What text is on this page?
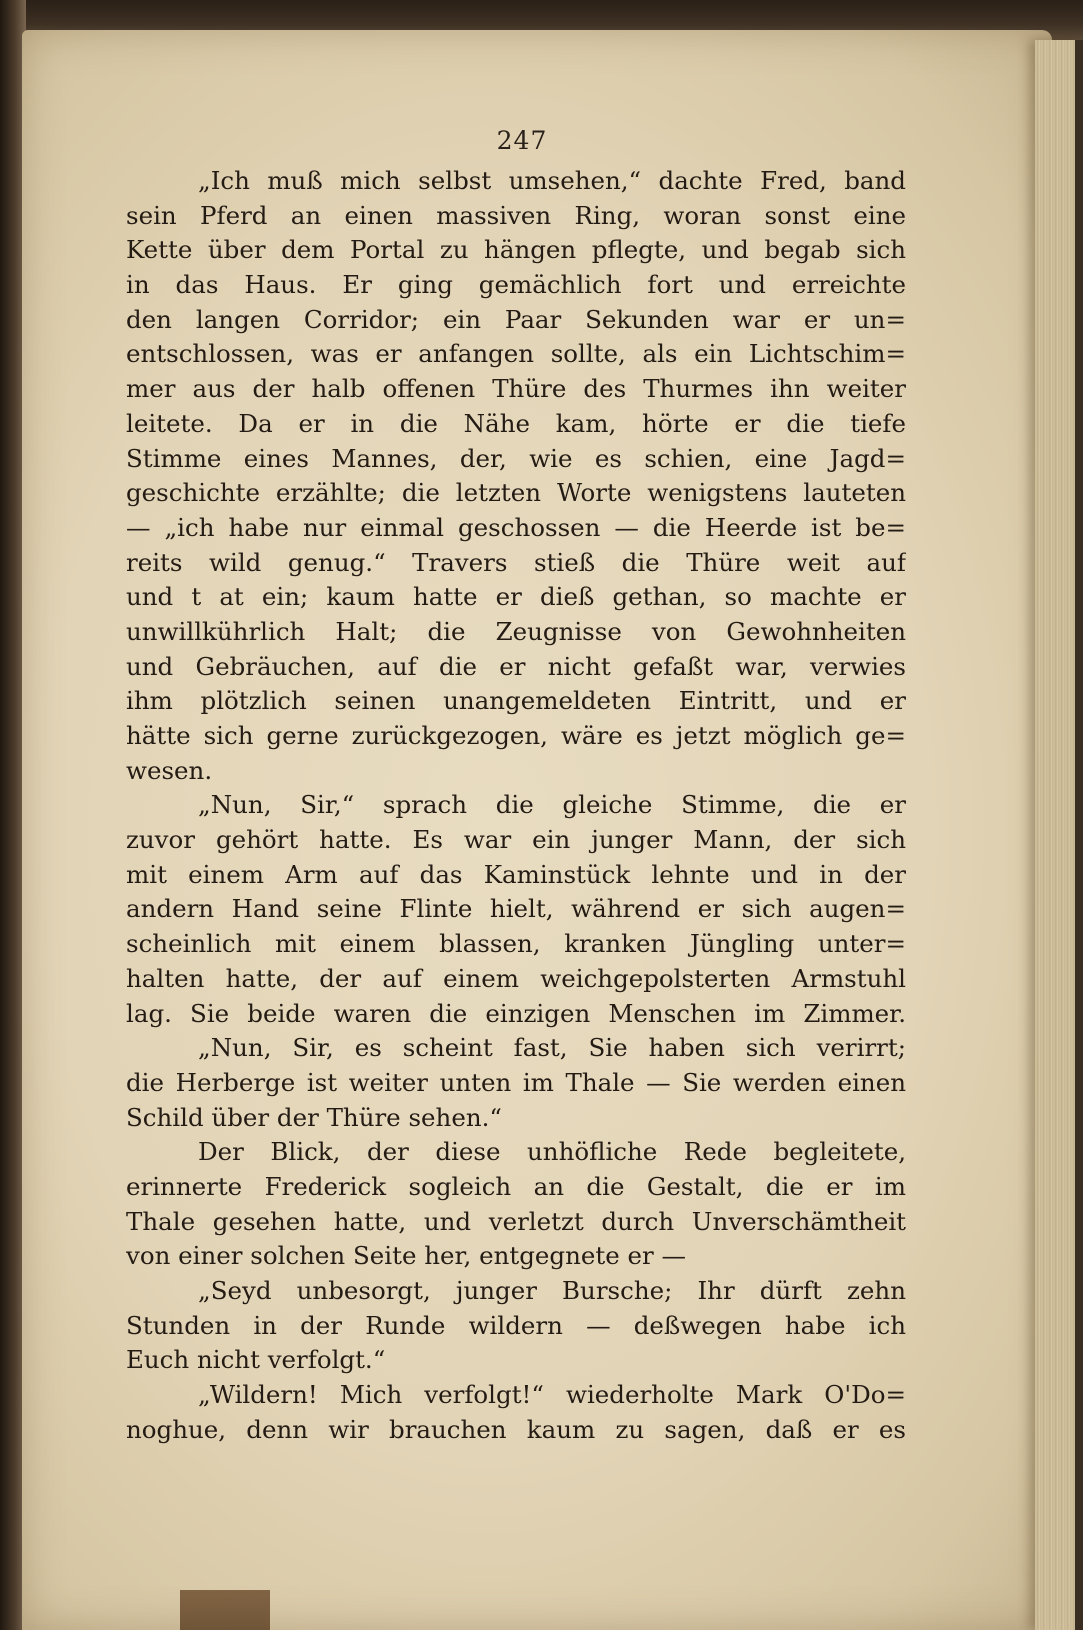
247
„Ich muß mich selbst umsehen,“ dachte Fred, band
sein Pferd an einen massiven Ring, woran sonst eine
Kette über dem Portal zu hängen pflegte, und begab sich
in das Haus. Er ging gemächlich fort und erreichte
den langen Corridor; ein Paar Sekunden war er un=
entschlossen, was er anfangen sollte, als ein Lichtschim=
mer aus der halb offenen Thüre des Thurmes ihn weiter
leitete. Da er in die Nähe kam, hörte er die tiefe
Stimme eines Mannes, der, wie es schien, eine Jagd=
geschichte erzählte; die letzten Worte wenigstens lauteten
— „ich habe nur einmal geschossen — die Heerde ist be=
reits wild genug.“ Travers stieß die Thüre weit auf
und t at ein; kaum hatte er dieß gethan, so machte er
unwillkührlich Halt; die Zeugnisse von Gewohnheiten
und Gebräuchen, auf die er nicht gefaßt war, verwies
ihm plötzlich seinen unangemeldeten Eintritt, und er
hätte sich gerne zurückgezogen, wäre es jetzt möglich ge=
wesen.
„Nun, Sir,“ sprach die gleiche Stimme, die er
zuvor gehört hatte. Es war ein junger Mann, der sich
mit einem Arm auf das Kaminstück lehnte und in der
andern Hand seine Flinte hielt, während er sich augen=
scheinlich mit einem blassen, kranken Jüngling unter=
halten hatte, der auf einem weichgepolsterten Armstuhl
lag. Sie beide waren die einzigen Menschen im Zimmer.
„Nun, Sir, es scheint fast, Sie haben sich verirrt;
die Herberge ist weiter unten im Thale — Sie werden einen
Schild über der Thüre sehen.“
Der Blick, der diese unhöfliche Rede begleitete,
erinnerte Frederick sogleich an die Gestalt, die er im
Thale gesehen hatte, und verletzt durch Unverschämtheit
von einer solchen Seite her, entgegnete er —
„Seyd unbesorgt, junger Bursche; Ihr dürft zehn
Stunden in der Runde wildern — deßwegen habe ich
Euch nicht verfolgt.“
„Wildern! Mich verfolgt!“ wiederholte Mark O'Do=
noghue, denn wir brauchen kaum zu sagen, daß er es
